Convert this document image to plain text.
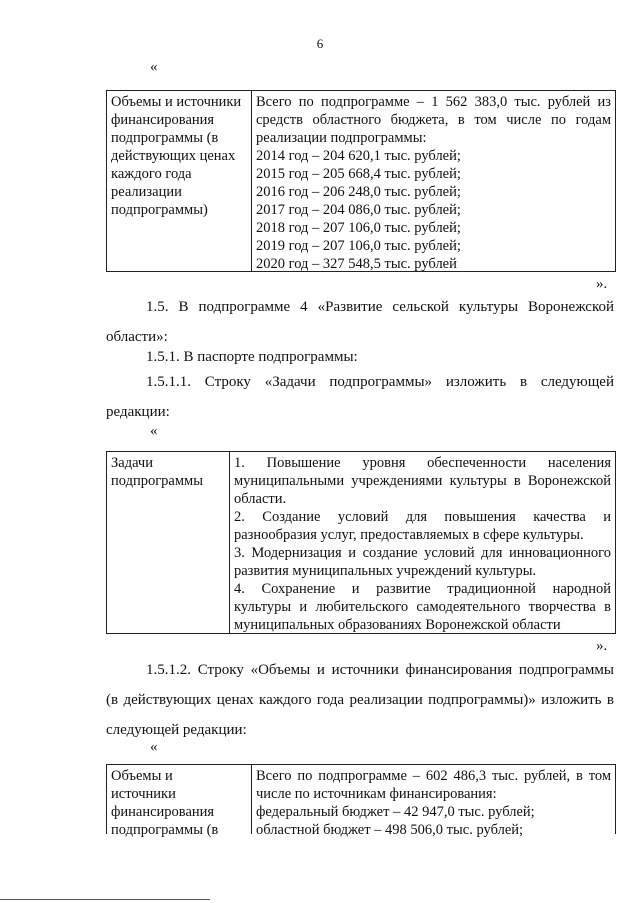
6
«
Объемы и источники
финансирования
подпрограммы (в
действующих ценах
каждого года
реализации
подпрограммы)
Всего по подпрограмме – 1 562 383,0 тыс. рублей из
средств областного бюджета, в том числе по годам
реализации подпрограммы:
2014 год – 204 620,1 тыс. рублей;
2015 год – 205 668,4 тыс. рублей;
2016 год – 206 248,0 тыс. рублей;
2017 год – 204 086,0 тыс. рублей;
2018 год – 207 106,0 тыс. рублей;
2019 год – 207 106,0 тыс. рублей;
2020 год – 327 548,5 тыс. рублей
».
1.5. В подпрограмме 4 «Развитие сельской культуры Воронежской
области»:
1.5.1. В паспорте подпрограммы:
1.5.1.1. Строку «Задачи подпрограммы» изложить в следующей
редакции:
«
Задачи
подпрограммы
1. Повышение уровня обеспеченности населения
муниципальными учреждениями культуры в Воронежской
области.
2. Создание условий для повышения качества и
разнообразия услуг, предоставляемых в сфере культуры.
3. Модернизация и создание условий для инновационного
развития муниципальных учреждений культуры.
4. Сохранение и развитие традиционной народной
культуры и любительского самодеятельного творчества в
муниципальных образованиях Воронежской области
».
1.5.1.2. Строку «Объемы и источники финансирования подпрограммы
(в действующих ценах каждого года реализации подпрограммы)» изложить в
следующей редакции:
«
Объемы и
источники
финансирования
подпрограммы (в
Всего по подпрограмме – 602 486,3 тыс. рублей, в том
числе по источникам финансирования:
федеральный бюджет – 42 947,0 тыс. рублей;
областной бюджет – 498 506,0 тыс. рублей;
